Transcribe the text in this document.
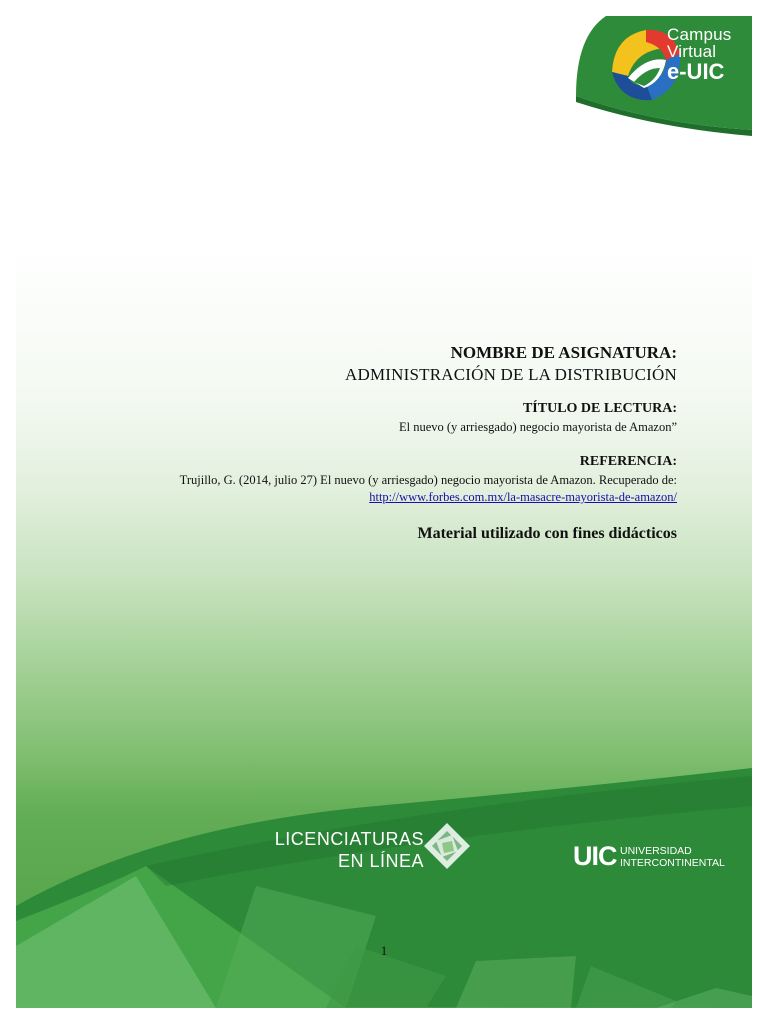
Campus
Virtual
e-UIC

NOMBRE DE ASIGNATURA:

ADMINISTRACIÓN DE LA DISTRIBUCIÓN

TÍTULO DE LECTURA:

El nuevo (y arriesgado) negocio mayorista de Amazon”

REFERENCIA:

Trujillo, G. (2014, julio 27) El nuevo (y arriesgado) negocio mayorista de Amazon. Recuperado de:

http://www.forbes.com.mx/la-masacre-mayorista-de-amazon/

Material utilizado con fines didácticos

LICENCIATURAS
EN LÍNEA	UIC UNIVERSIDAD
INTERCONTINENTAL
1
